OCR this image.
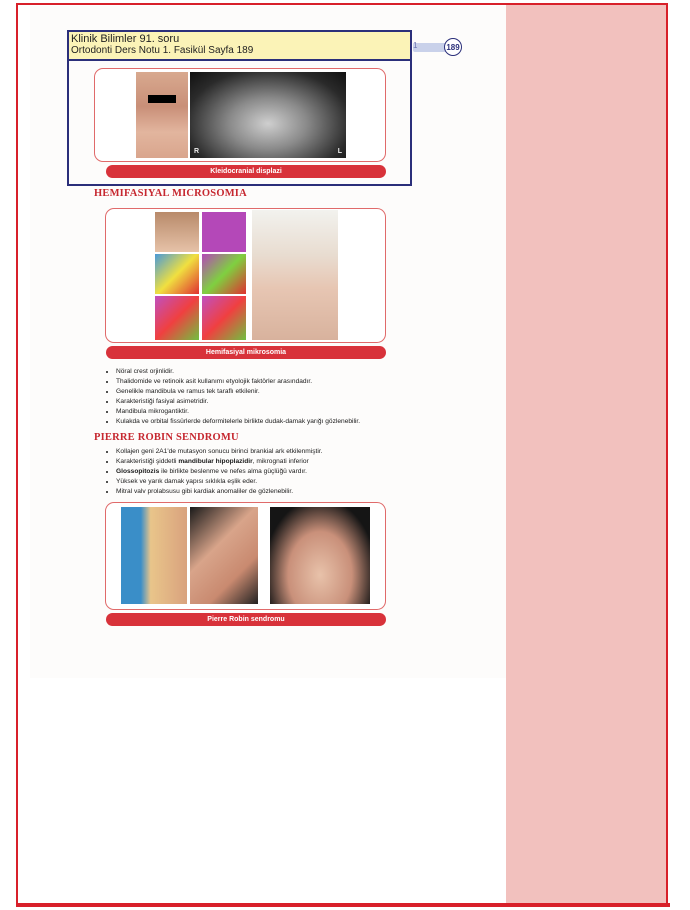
1	189
R	L
Kleidocranial displazi
Klinik Bilimler 91. soru
Ortodonti Ders Notu 1. Fasikül Sayfa 189
HEMIFASIYAL MICROSOMIA
Hemifasiyal mikrosomia
• Nöral crest orjinlidir.
• Thalidomide ve retinoik asit kullanımı etyolojik faktörler arasındadır.
• Genelikle mandibula ve ramus tek taraflı etkilenir.
• Karakteristiği fasiyal asimetridir.
• Mandibula mikrogantiktir.
• Kulakda ve orbital fissürlerde deformitelerle birlikte dudak-damak yarığı gözlenebilir.
PIERRE ROBIN SENDROMU
• Kollajen geni 2A1'de mutasyon sonucu birinci brankial ark etkilenmiştir.
• Karakteristiği şiddetli mandibular hipoplazidir, mikrognati inferior
• Glossopitozis ile birlikte beslenme ve nefes alma güçlüğü vardır.
• Yüksek ve yarık damak yapısı sıklıkla eşlik eder.
• Mitral valv prolabsusu gibi kardiak anomaliler de gözlenebilir.
Pierre Robin sendromu
